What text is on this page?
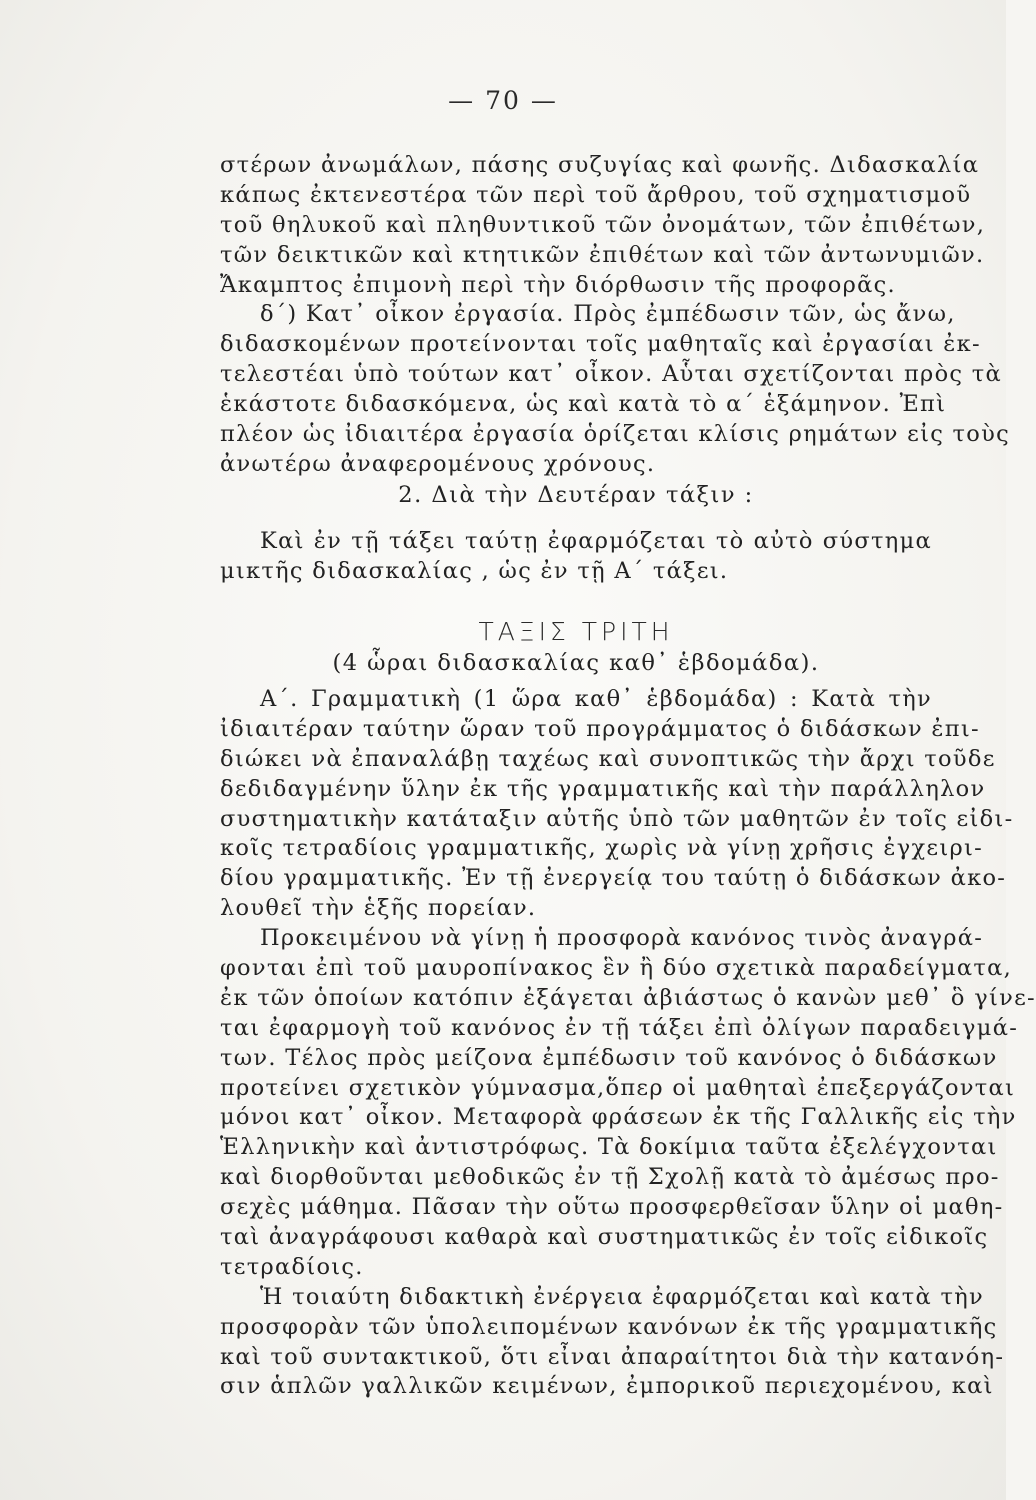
— 70 —
στέρων ἀνωμάλων, πάσης συζυγίας καὶ φωνῆς. Διδασκαλία
κάπως ἐκτενεστέρα τῶν περὶ τοῦ ἄρθρου, τοῦ σχηματισμοῦ
τοῦ θηλυκοῦ καὶ πληθυντικοῦ τῶν ὀνομάτων, τῶν ἐπιθέτων,
τῶν δεικτικῶν καὶ κτητικῶν ἐπιθέτων καὶ τῶν ἀντωνυμιῶν.
Ἄκαμπτος ἐπιμονὴ περὶ τὴν διόρθωσιν τῆς προφορᾶς.
δ΄) Κατ᾽ οἶκον ἐργασία. Πρὸς ἐμπέδωσιν τῶν, ὡς ἄνω,
διδασκομένων προτείνονται τοῖς μαθηταῖς καὶ ἐργασίαι ἐκ-
τελεστέαι ὑπὸ τούτων κατ᾽ οἶκον. Αὗται σχετίζονται πρὸς τὰ
ἑκάστοτε διδασκόμενα, ὡς καὶ κατὰ τὸ α΄ ἑξάμηνον. Ἐπὶ
πλέον ὡς ἰδιαιτέρα ἐργασία ὁρίζεται κλίσις ρημάτων εἰς τοὺς
ἀνωτέρω ἀναφερομένους χρόνους.
2. Διὰ τὴν Δευτέραν τάξιν :
Καὶ ἐν τῇ τάξει ταύτῃ ἐφαρμόζεται τὸ αὐτὸ σύστημα
μικτῆς διδασκαλίας , ὡς ἐν τῇ Α΄ τάξει.
ΤΑΞΙΣ ΤΡΙΤΗ
(4 ὧραι διδασκαλίας καθ᾽ ἑβδομάδα).
Α΄. Γραμματικὴ (1 ὥρα καθ᾽ ἑβδομάδα) : Κατὰ τὴν
ἰδιαιτέραν ταύτην ὥραν τοῦ προγράμματος ὁ διδάσκων ἐπι-
διώκει νὰ ἐπαναλάβῃ ταχέως καὶ συνοπτικῶς τὴν ἄρχι τοῦδε
δεδιδαγμένην ὕλην ἐκ τῆς γραμματικῆς καὶ τὴν παράλληλον
συστηματικὴν κατάταξιν αὐτῆς ὑπὸ τῶν μαθητῶν ἐν τοῖς εἰδι-
κοῖς τετραδίοις γραμματικῆς, χωρὶς νὰ γίνῃ χρῆσις ἐγχειρι-
δίου γραμματικῆς. Ἐν τῇ ἐνεργείᾳ του ταύτῃ ὁ διδάσκων ἀκο-
λουθεῖ τὴν ἑξῆς πορείαν.
Προκειμένου νὰ γίνῃ ἡ προσφορὰ κανόνος τινὸς ἀναγρά-
φονται ἐπὶ τοῦ μαυροπίνακος ἓν ἢ δύο σχετικὰ παραδείγματα,
ἐκ τῶν ὁποίων κατόπιν ἐξάγεται ἀβιάστως ὁ κανὼν μεθ᾽ ὃ γίνε-
ται ἐφαρμογὴ τοῦ κανόνος ἐν τῇ τάξει ἐπὶ ὀλίγων παραδειγμά-
των. Τέλος πρὸς μείζονα ἐμπέδωσιν τοῦ κανόνος ὁ διδάσκων
προτείνει σχετικὸν γύμνασμα,ὅπερ οἱ μαθηταὶ ἐπεξεργάζονται
μόνοι κατ᾽ οἶκον. Μεταφορὰ φράσεων ἐκ τῆς Γαλλικῆς εἰς τὴν
Ἑλληνικὴν καὶ ἀντιστρόφως. Τὰ δοκίμια ταῦτα ἐξελέγχονται
καὶ διορθοῦνται μεθοδικῶς ἐν τῇ Σχολῇ κατὰ τὸ ἀμέσως προ-
σεχὲς μάθημα. Πᾶσαν τὴν οὕτω προσφερθεῖσαν ὕλην οἱ μαθη-
ταὶ ἀναγράφουσι καθαρὰ καὶ συστηματικῶς ἐν τοῖς εἰδικοῖς
τετραδίοις.
Ἡ τοιαύτη διδακτικὴ ἐνέργεια ἐφαρμόζεται καὶ κατὰ τὴν
προσφορὰν τῶν ὑπολειπομένων κανόνων ἐκ τῆς γραμματικῆς
καὶ τοῦ συντακτικοῦ, ὅτι εἶναι ἀπαραίτητοι διὰ τὴν κατανόη-
σιν ἁπλῶν γαλλικῶν κειμένων, ἐμπορικοῦ περιεχομένου, καὶ
